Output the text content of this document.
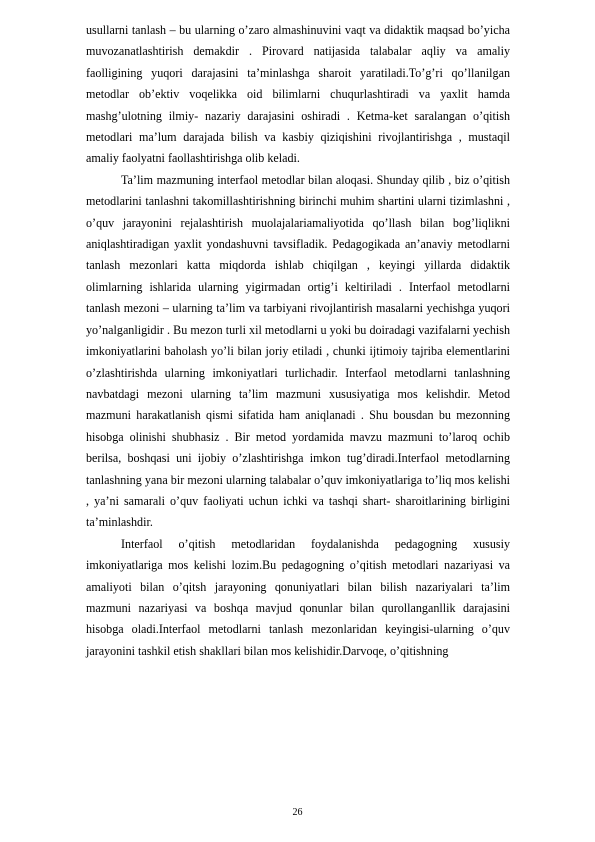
usullarni tanlash – bu ularning o’zaro almashinuvini vaqt va didaktik maqsad bo’yicha muvozanatlashtirish demakdir . Pirovard natijasida talabalar aqliy va amaliy faolligining yuqori darajasini ta’minlashga sharoit yaratiladi.To’g’ri qo’llanilgan metodlar ob’ektiv voqelikka oid bilimlarni chuqurlashtiradi va yaxlit hamda mashg’ulotning ilmiy- nazariy darajasini oshiradi . Ketma-ket saralangan o’qitish metodlari ma’lum darajada bilish va kasbiy qiziqishini rivojlantirishga , mustaqil amaliy faolyatni faollashtirishga olib keladi.

Ta’lim mazmuning interfaol metodlar bilan aloqasi. Shunday qilib , biz o’qitish metodlarini tanlashni takomillashtirishning birinchi muhim shartini ularni tizimlashni , o’quv jarayonini rejalashtirish muolajalariamaliyotida qo’llash bilan bog’liqlikni aniqlashtiradigan yaxlit yondashuvni tavsifladik. Pedagogikada an’anaviy metodlarni tanlash mezonlari katta miqdorda ishlab chiqilgan , keyingi yillarda didaktik olimlarning ishlarida ularning yigirmadan ortig’i keltiriladi . Interfaol metodlarni tanlash mezoni – ularning ta’lim va tarbiyani rivojlantirish masalarni yechishga yuqori yo’nalganligidir . Bu mezon turli xil metodlarni u yoki bu doiradagi vazifalarni yechish imkoniyatlarini baholash yo’li bilan joriy etiladi , chunki ijtimoiy tajriba elementlarini o’zlashtirishda ularning imkoniyatlari turlichadir. Interfaol metodlarni tanlashning navbatdagi mezoni ularning ta’lim mazmuni xususiyatiga mos kelishdir. Metod mazmuni harakatlanish qismi sifatida ham aniqlanadi . Shu bousdan bu mezonning hisobga olinishi shubhasiz . Bir metod yordamida mavzu mazmuni to’laroq ochib berilsa, boshqasi uni ijobiy o’zlashtirishga imkon tug’diradi.Interfaol metodlarning tanlashning yana bir mezoni ularning talabalar o’quv imkoniyatlariga to’liq mos kelishi , ya’ni samarali o’quv faoliyati uchun ichki va tashqi shart- sharoitlarining birligini ta’minlashdir.

Interfaol o’qitish metodlaridan foydalanishda pedagogning xususiy imkoniyatlariga mos kelishi lozim.Bu pedagogning o’qitish metodlari nazariyasi va amaliyoti bilan o’qitsh jarayoning qonuniyatlari bilan bilish nazariyalari ta’lim mazmuni nazariyasi va boshqa mavjud qonunlar bilan qurollanganllik darajasini hisobga oladi.Interfaol metodlarni tanlash mezonlaridan keyingisi-ularning o’quv jarayonini tashkil etish shakllari bilan mos kelishidir.Darvoqe, o’qitishning

26
